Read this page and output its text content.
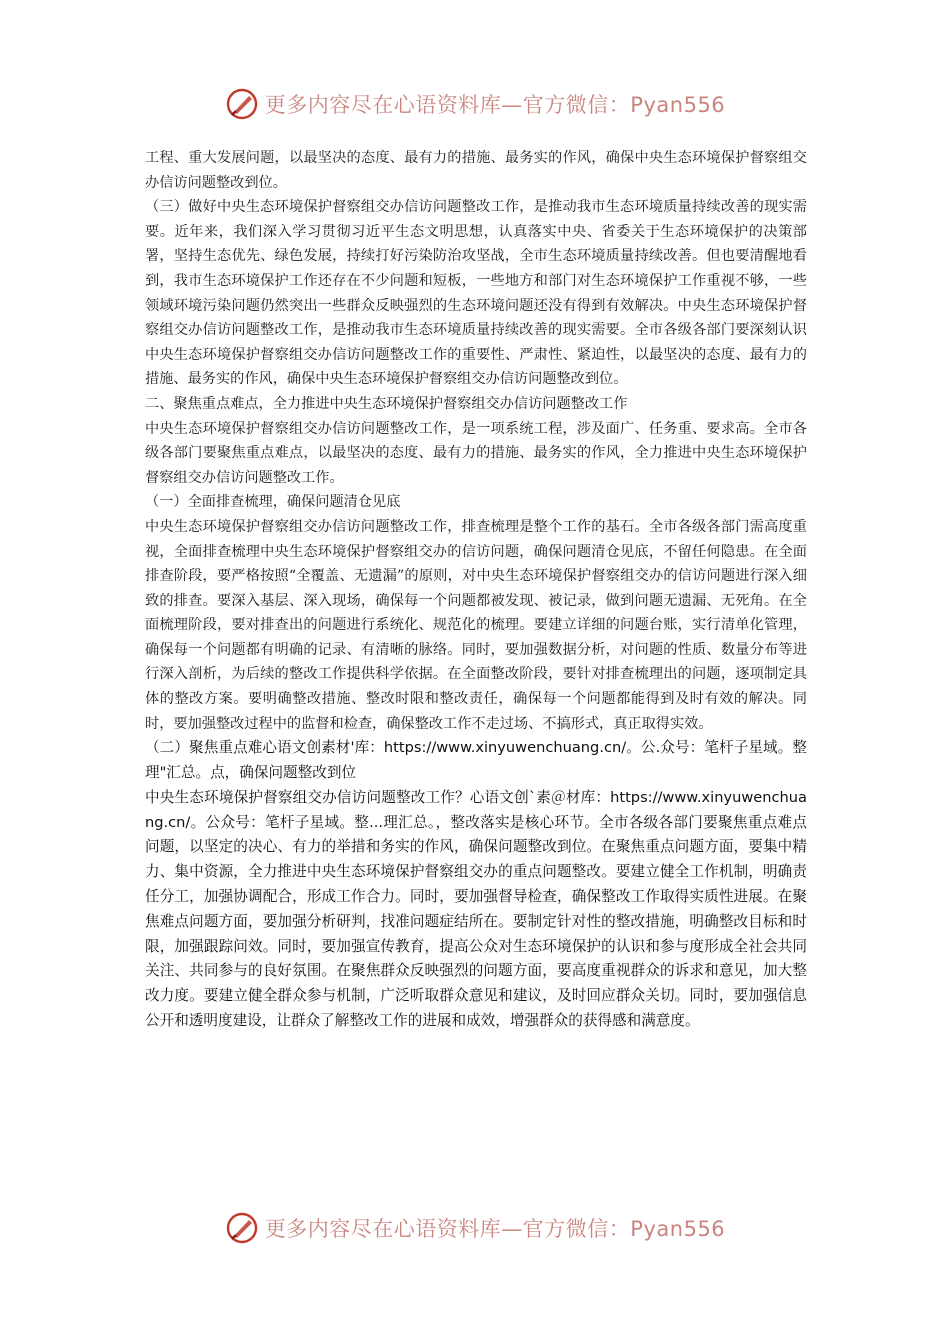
更多内容尽在心语资料库—官方微信：Pyan556

工程、重大发展问题，以最坚决的态度、最有力的措施、最务实的作风，确保中央生态环境保护督察组交办信访问题整改到位。

（三）做好中央生态环境保护督察组交办信访问题整改工作，是推动我市生态环境质量持续改善的现实需要。近年来，我们深入学习贯彻习近平生态文明思想，认真落实中央、省委关于生态环境保护的决策部署，坚持生态优先、绿色发展，持续打好污染防治攻坚战，全市生态环境质量持续改善。但也要清醒地看到，我市生态环境保护工作还存在不少问题和短板，一些地方和部门对生态环境保护工作重视不够，一些领域环境污染问题仍然突出一些群众反映强烈的生态环境问题还没有得到有效解决。中央生态环境保护督察组交办信访问题整改工作，是推动我市生态环境质量持续改善的现实需要。全市各级各部门要深刻认识中央生态环境保护督察组交办信访问题整改工作的重要性、严肃性、紧迫性，以最坚决的态度、最有力的措施、最务实的作风，确保中央生态环境保护督察组交办信访问题整改到位。

二、聚焦重点难点，全力推进中央生态环境保护督察组交办信访问题整改工作

中央生态环境保护督察组交办信访问题整改工作，是一项系统工程，涉及面广、任务重、要求高。全市各级各部门要聚焦重点难点，以最坚决的态度、最有力的措施、最务实的作风，全力推进中央生态环境保护督察组交办信访问题整改工作。

（一）全面排查梳理，确保问题清仓见底

中央生态环境保护督察组交办信访问题整改工作，排查梳理是整个工作的基石。全市各级各部门需高度重视，全面排查梳理中央生态环境保护督察组交办的信访问题，确保问题清仓见底，不留任何隐患。在全面排查阶段，要严格按照“全覆盖、无遗漏”的原则，对中央生态环境保护督察组交办的信访问题进行深入细致的排查。要深入基层、深入现场，确保每一个问题都被发现、被记录，做到问题无遗漏、无死角。在全面梳理阶段，要对排查出的问题进行系统化、规范化的梳理。要建立详细的问题台账，实行清单化管理，确保每一个问题都有明确的记录、有清晰的脉络。同时，要加强数据分析，对问题的性质、数量分布等进行深入剖析，为后续的整改工作提供科学依据。在全面整改阶段，要针对排查梳理出的问题，逐项制定具体的整改方案。要明确整改措施、整改时限和整改责任，确保每一个问题都能得到及时有效的解决。同时，要加强整改过程中的监督和检查，确保整改工作不走过场、不搞形式，真正取得实效。

（二）聚焦重点难心语文创素材'库：https://www.xinyuwenchuang.cn/。公.众号：笔杆子星域。整理"汇总。点，确保问题整改到位

中央生态环境保护督察组交办信访问题整改工作？心语文创`素＠材库：https://www.xinyuwenchuang.cn/。公众号：笔杆子星域。整...理汇总。，整改落实是核心环节。全市各级各部门要聚焦重点难点问题，以坚定的决心、有力的举措和务实的作风，确保问题整改到位。在聚焦重点问题方面，要集中精力、集中资源，全力推进中央生态环境保护督察组交办的重点问题整改。要建立健全工作机制，明确责任分工，加强协调配合，形成工作合力。同时，要加强督导检查，确保整改工作取得实质性进展。在聚焦难点问题方面，要加强分析研判，找准问题症结所在。要制定针对性的整改措施，明确整改目标和时限，加强跟踪问效。同时，要加强宣传教育，提高公众对生态环境保护的认识和参与度形成全社会共同关注、共同参与的良好氛围。在聚焦群众反映强烈的问题方面，要高度重视群众的诉求和意见，加大整改力度。要建立健全群众参与机制，广泛听取群众意见和建议，及时回应群众关切。同时，要加强信息公开和透明度建设，让群众了解整改工作的进展和成效，增强群众的获得感和满意度。

更多内容尽在心语资料库—官方微信：Pyan556
